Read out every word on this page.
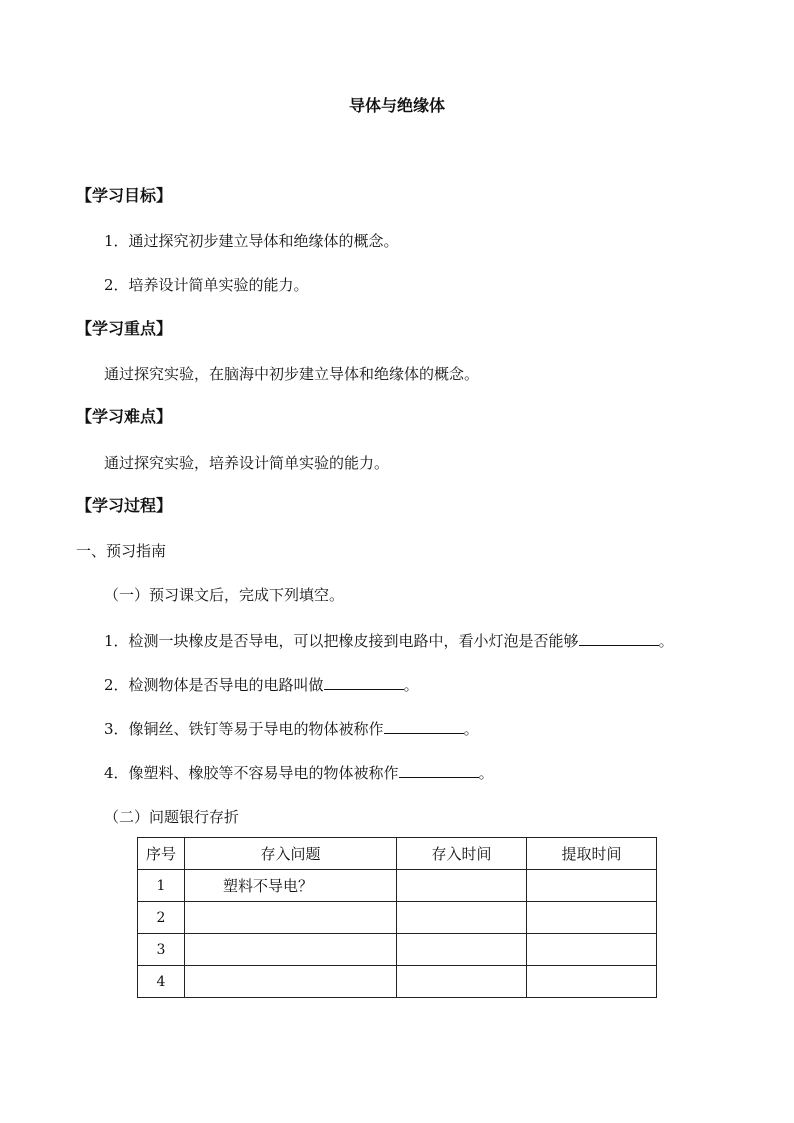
导体与绝缘体
【学习目标】
1．通过探究初步建立导体和绝缘体的概念。
2．培养设计简单实验的能力。
【学习重点】
通过探究实验，在脑海中初步建立导体和绝缘体的概念。
【学习难点】
通过探究实验，培养设计简单实验的能力。
【学习过程】
一、预习指南
（一）预习课文后，完成下列填空。
1．检测一块橡皮是否导电，可以把橡皮接到电路中，看小灯泡是否能够	。
2．检测物体是否导电的电路叫做	。
3．像铜丝、铁钉等易于导电的物体被称作	。
4．像塑料、橡胶等不容易导电的物体被称作	。
（二）问题银行存折
序号	存入问题	存入时间	提取时间
1	塑料不导电？		
2			
3			
4			
